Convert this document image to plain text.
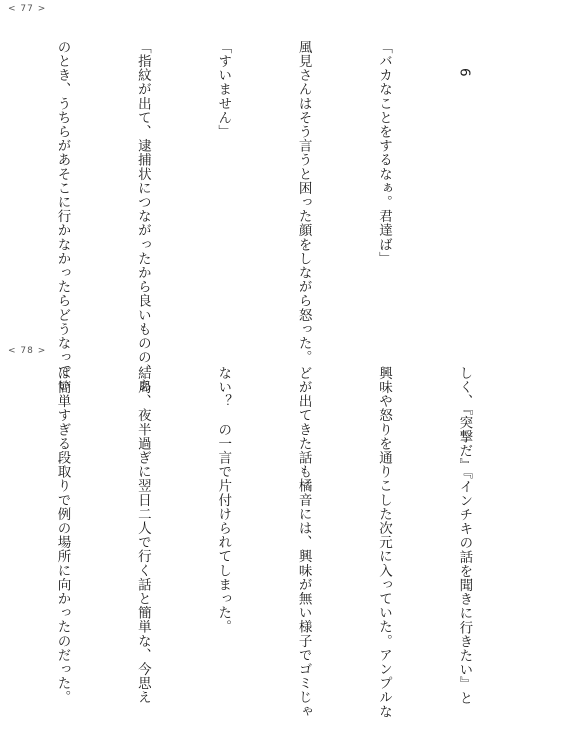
< 77 >

6

「バカなことをするなぁ。君達ば」

風見さんはそう言うと困った顔をしながら怒った。

「すいません」

「指紋が出て、逮捕状につながったから良いものの、あ

のとき、うちらがあそこに行かなかったらどうなってい

< 78 >

しく、『突撃だ』『インチキの話を聞きに行きたい』と

興味や怒りを通りこした次元に入っていた。アンプルな

どが出てきた話も橘音には、興味が無い様子でゴミじゃ

ない？　の一言で片付けられてしまった。

結局、夜半過ぎに翌日二人で行く話と簡単な、今思え

ば簡単すぎる段取りで例の場所に向かったのだった。
